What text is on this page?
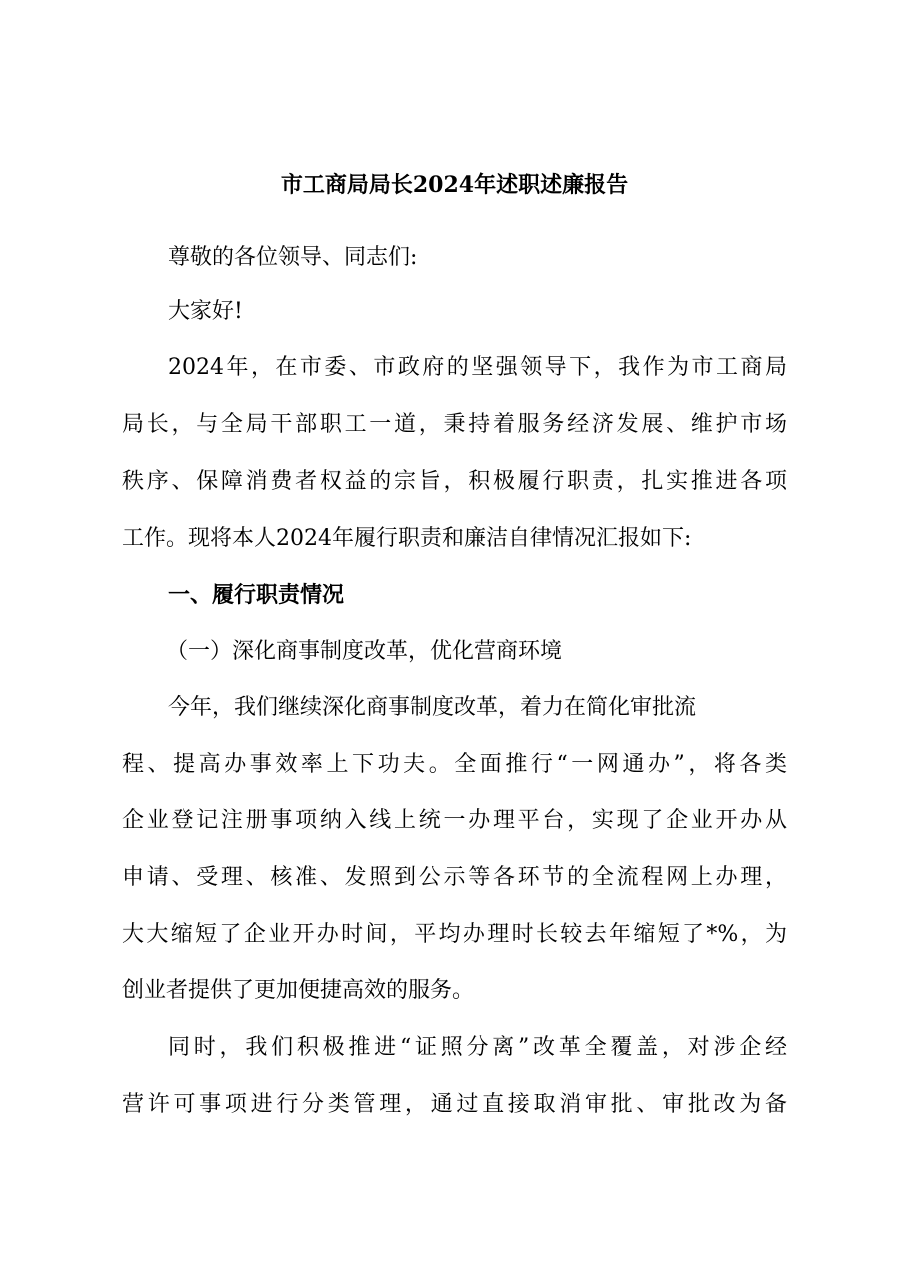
市工商局局长2024年述职述廉报告
尊敬的各位领导、同志们:
大家好!
2024年，在市委、市政府的坚强领导下，我作为市工商局
局长，与全局干部职工一道，秉持着服务经济发展、维护市场
秩序、保障消费者权益的宗旨，积极履行职责，扎实推进各项
工作。现将本人2024年履行职责和廉洁自律情况汇报如下:
一、履行职责情况
（一）深化商事制度改革，优化营商环境
今年，我们继续深化商事制度改革，着力在简化审批流
程、提高办事效率上下功夫。全面推行“一网通办”，将各类
企业登记注册事项纳入线上统一办理平台，实现了企业开办从
申请、受理、核准、发照到公示等各环节的全流程网上办理，
大大缩短了企业开办时间，平均办理时长较去年缩短了*%，为
创业者提供了更加便捷高效的服务。
同时，我们积极推进“证照分离”改革全覆盖，对涉企经
营许可事项进行分类管理，通过直接取消审批、审批改为备
